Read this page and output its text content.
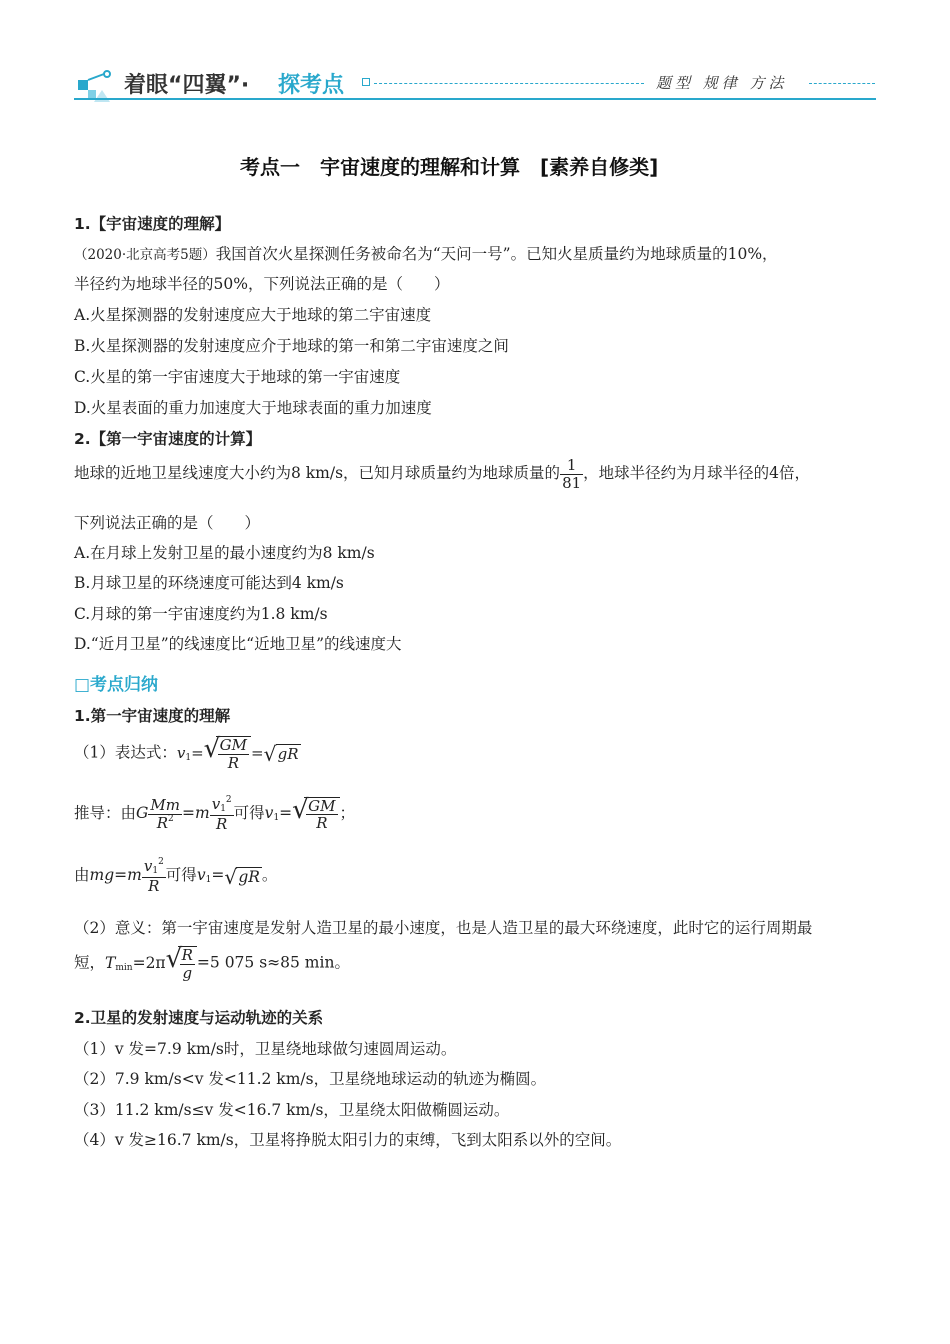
着眼“四翼”· 探考点	题型 规律 方法
考点一　宇宙速度的理解和计算　[素养自修类]
1.【宇宙速度的理解】
（2020·北京高考5题）我国首次火星探测任务被命名为“天问一号”。已知火星质量约为地球质量的10%，
半径约为地球半径的50%，下列说法正确的是（　　）
A.火星探测器的发射速度应大于地球的第二宇宙速度
B.火星探测器的发射速度应介于地球的第一和第二宇宙速度之间
C.火星的第一宇宙速度大于地球的第一宇宙速度
D.火星表面的重力加速度大于地球表面的重力加速度
2.【第一宇宙速度的计算】
地球的近地卫星线速度大小约为8 km/s，已知月球质量约为地球质量的 $\frac{1}{81}$ ，地球半径约为月球半径的4倍，
下列说法正确的是（　　）
A.在月球上发射卫星的最小速度约为8 km/s
B.月球卫星的环绕速度可能达到4 km/s
C.月球的第一宇宙速度约为1.8 km/s
D.“近月卫星”的线速度比“近地卫星”的线速度大
□考点归纳
1.第一宇宙速度的理解
（1）表达式：$v_1=$ √
$\frac{GM}{R}$ = √ gR
推导：由G $\frac{Mm}{R^2} =m \frac{v_1^2}{R}$ 可得$v_1=$ √
$\frac{GM}{R}$ ；
由$mg=m \frac{v_1^2}{R}$ 可得$v_1=$ √ gR 。
（2）意义：第一宇宙速度是发射人造卫星的最小速度，也是人造卫星的最大环绕速度，此时它的运行周期最
短，$T_{min}=2\pi$ √
$\frac{R}{g} =5$ 075 s≈85 min。
2.卫星的发射速度与运动轨迹的关系
（1）v 发=7.9 km/s时，卫星绕地球做匀速圆周运动。
（2）7.9 km/s<v 发<11.2 km/s，卫星绕地球运动的轨迹为椭圆。
（3）11.2 km/s≤v 发<16.7 km/s，卫星绕太阳做椭圆运动。
（4）v 发≥16.7 km/s，卫星将挣脱太阳引力的束缚，飞到太阳系以外的空间。
